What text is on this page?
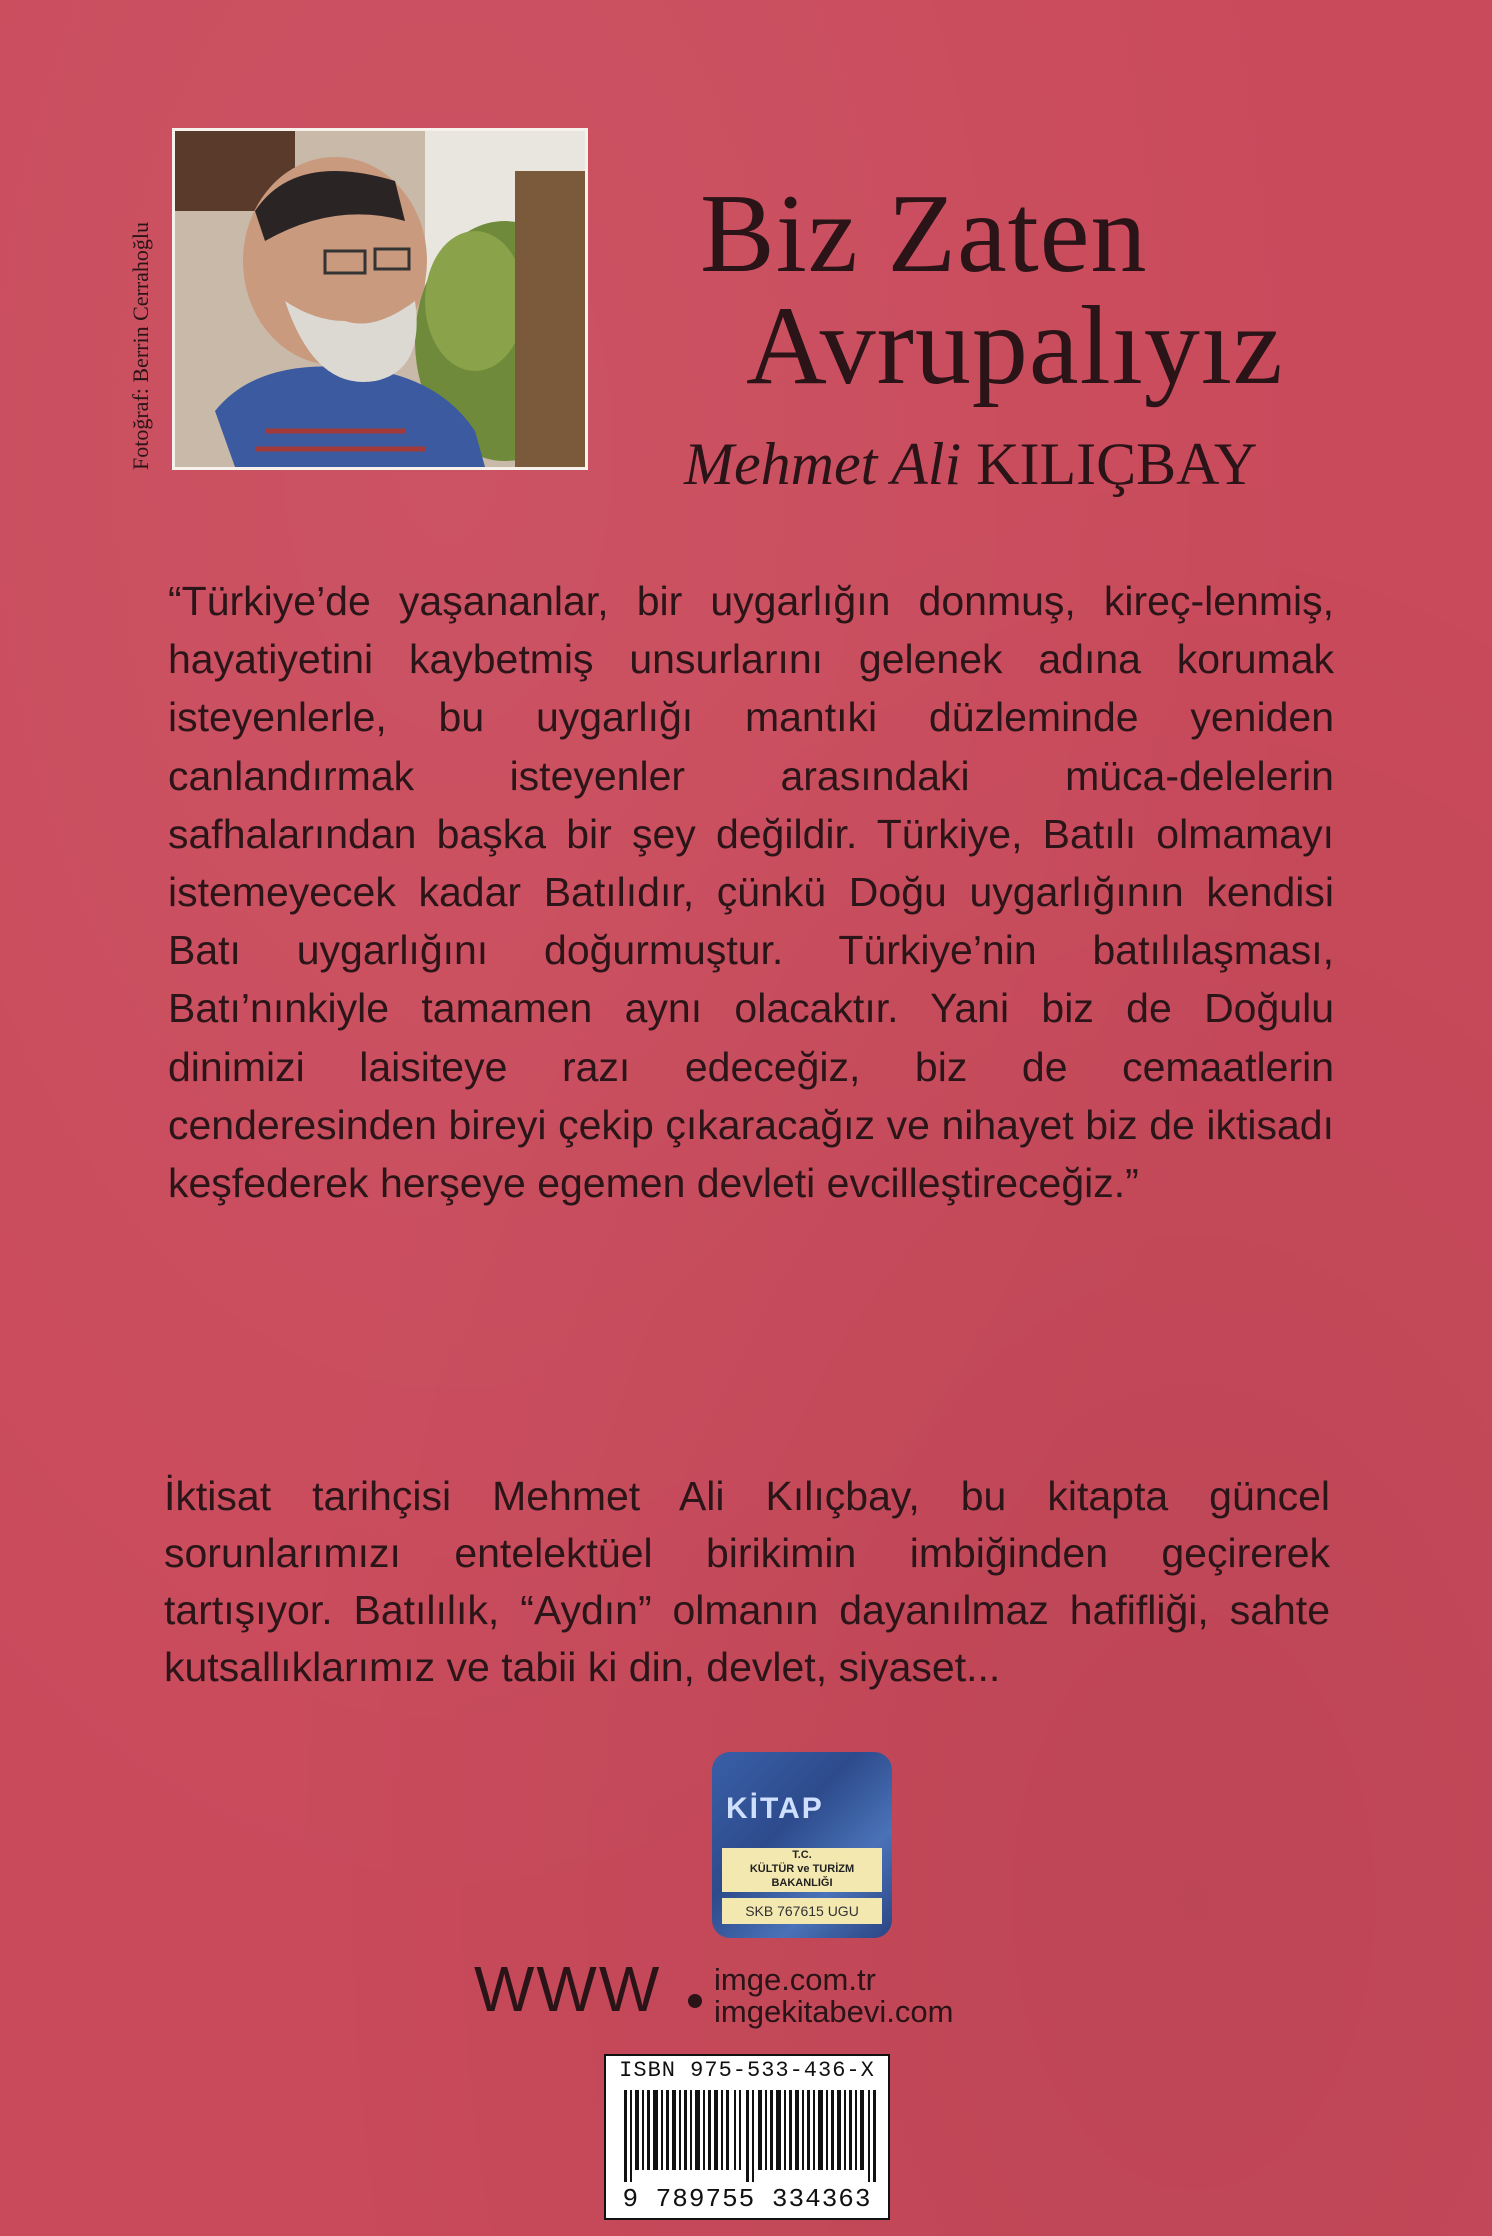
Fotoğraf: Berrin Cerrahoğlu	Biz Zaten
Avrupalıyız
Mehmet Ali KILIÇBAY
“Türkiye’de yaşananlar, bir uygarlığın donmuş, kireç-lenmiş, hayatiyetini kaybetmiş unsurlarını gelenek adına korumak isteyenlerle, bu uygarlığı mantıki düzleminde yeniden canlandırmak isteyenler arasındaki müca-delelerin safhalarından başka bir şey değildir. Türkiye, Batılı olmamayı istemeyecek kadar Batılıdır, çünkü Doğu uygarlığının kendisi Batı uygarlığını doğurmuştur. Türkiye’nin batılılaşması, Batı’nınkiyle tamamen aynı olacaktır. Yani biz de Doğulu dinimizi laisiteye razı edeceğiz, biz de cemaatlerin cenderesinden bireyi çekip çıkaracağız ve nihayet biz de iktisadı keşfederek herşeye egemen devleti evcilleştireceğiz.”
İktisat tarihçisi Mehmet Ali Kılıçbay, bu kitapta güncel sorunlarımızı entelektüel birikimin imbiğinden geçirerek tartışıyor. Batılılık, “Aydın” olmanın dayanılmaz hafifliği, sahte kutsallıklarımız ve tabii ki din, devlet, siyaset...
KİTAP
T.C.
KÜLTÜR ve TURİZM BAKANLIĞI
SKB 767615 UGU
WWW imge.com.tr
imgekitabevi.com
ISBN 975-533-436-X
9 789755 334363
